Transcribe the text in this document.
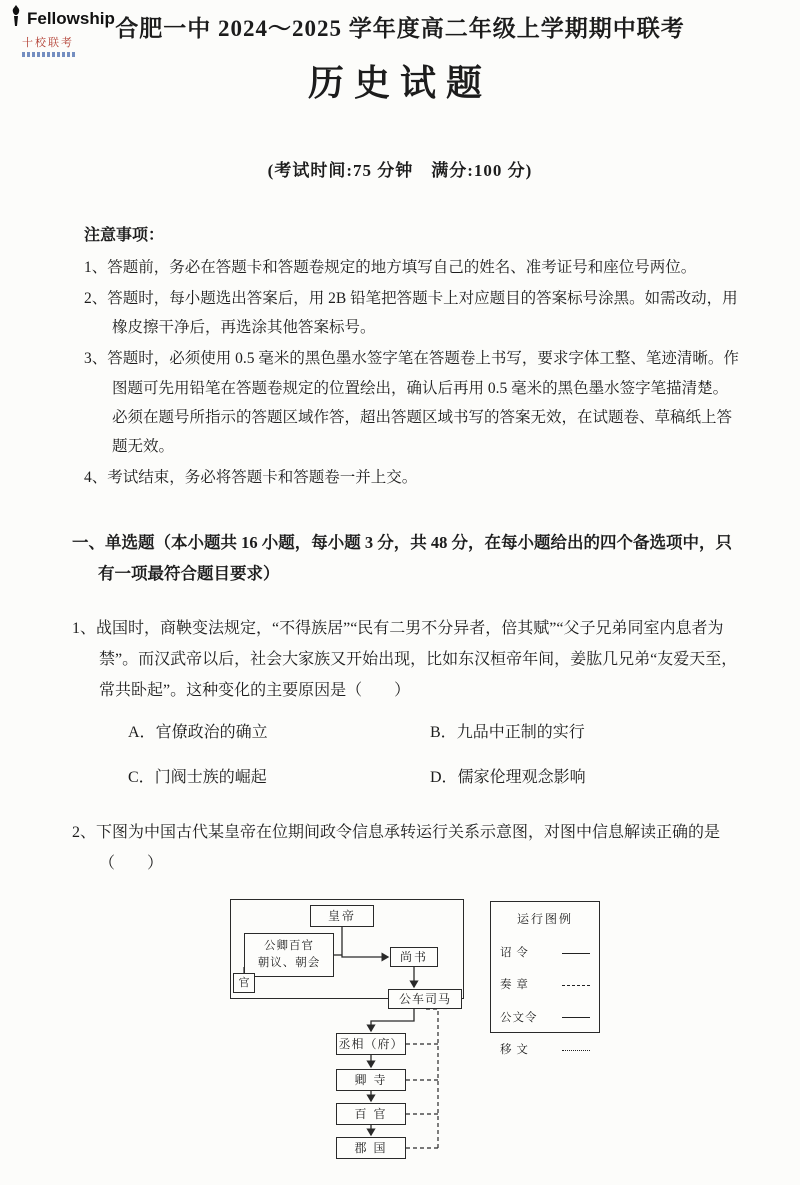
Fellowship
十校联考
合肥一中 2024～2025 学年度高二年级上学期期中联考
历史试题
(考试时间:75 分钟　满分:100 分)
注意事项：
1、答题前，务必在答题卡和答题卷规定的地方填写自己的姓名、准考证号和座位号两位。
2、答题时，每小题选出答案后，用 2B 铅笔把答题卡上对应题目的答案标号涂黑。如需改动，用橡皮擦干净后，再选涂其他答案标号。
3、答题时，必须使用 0.5 毫米的黑色墨水签字笔在答题卷上书写，要求字体工整、笔迹清晰。作图题可先用铅笔在答题卷规定的位置绘出，确认后再用 0.5 毫米的黑色墨水签字笔描清楚。必须在题号所指示的答题区域作答，超出答题区域书写的答案无效，在试题卷、草稿纸上答题无效。
4、考试结束，务必将答题卡和答题卷一并上交。
一、单选题（本小题共 16 小题，每小题 3 分，共 48 分，在每小题给出的四个备选项中，只有一项最符合题目要求）
1、战国时，商鞅变法规定，“不得族居”“民有二男不分异者，倍其赋”“父子兄弟同室内息者为禁”。而汉武帝以后，社会大家族又开始出现，比如东汉桓帝年间，姜肱几兄弟“友爱天至，常共卧起”。这种变化的主要原因是（　　）
A．官僚政治的确立	B．九品中正制的实行
C．门阀士族的崛起	D．儒家伦理观念影响
2、下图为中国古代某皇帝在位期间政令信息承转运行关系示意图，对图中信息解读正确的是（　　）
皇帝
公卿百官
朝议、朝会	尚书
官
公车司马
丞相（府）
卿 寺
百 官
郡 国
运行图例
诏 令
奏 章
公文令
移 文
